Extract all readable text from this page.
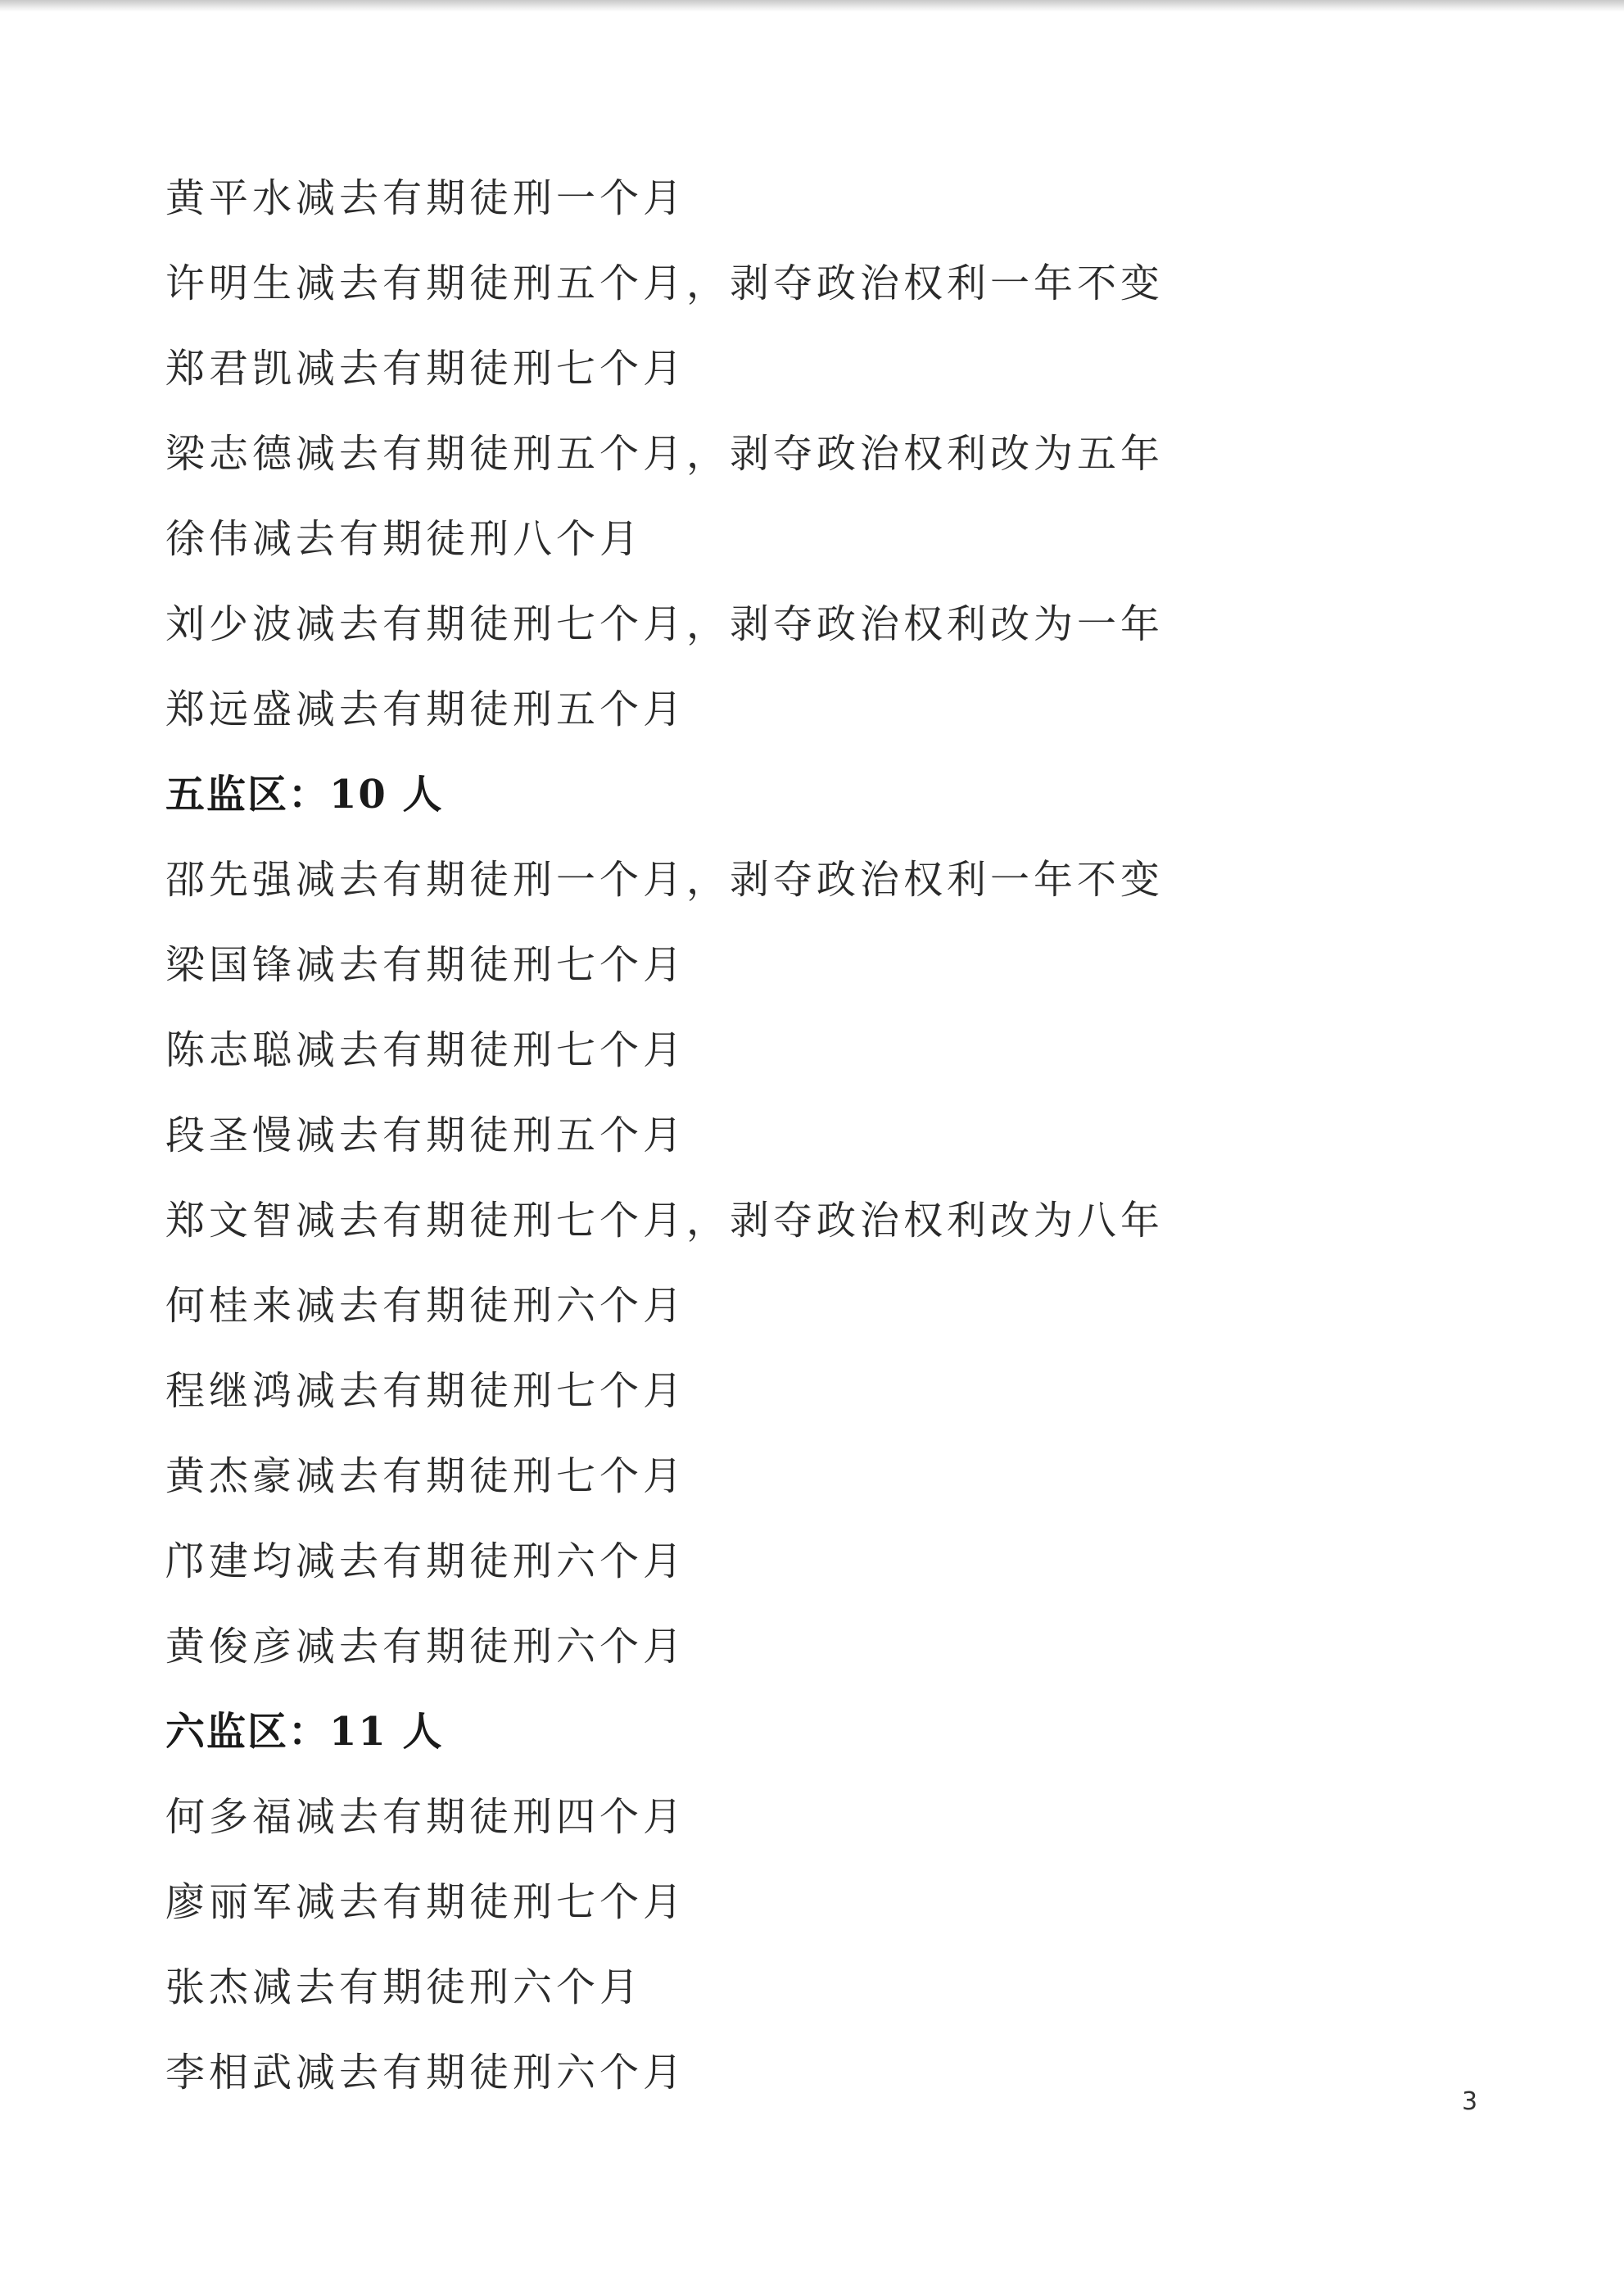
黄平水减去有期徒刑一个月
许明生减去有期徒刑五个月，剥夺政治权利一年不变
郑君凯减去有期徒刑七个月
梁志德减去有期徒刑五个月，剥夺政治权利改为五年
徐伟减去有期徒刑八个月
刘少波减去有期徒刑七个月，剥夺政治权利改为一年
郑远盛减去有期徒刑五个月
五监区：10 人
邵先强减去有期徒刑一个月，剥夺政治权利一年不变
梁国锋减去有期徒刑七个月
陈志聪减去有期徒刑七个月
段圣慢减去有期徒刑五个月
郑文智减去有期徒刑七个月，剥夺政治权利改为八年
何桂来减去有期徒刑六个月
程继鸿减去有期徒刑七个月
黄杰豪减去有期徒刑七个月
邝建均减去有期徒刑六个月
黄俊彦减去有期徒刑六个月
六监区：11 人
何多福减去有期徒刑四个月
廖丽军减去有期徒刑七个月
张杰减去有期徒刑六个月
李相武减去有期徒刑六个月
3
